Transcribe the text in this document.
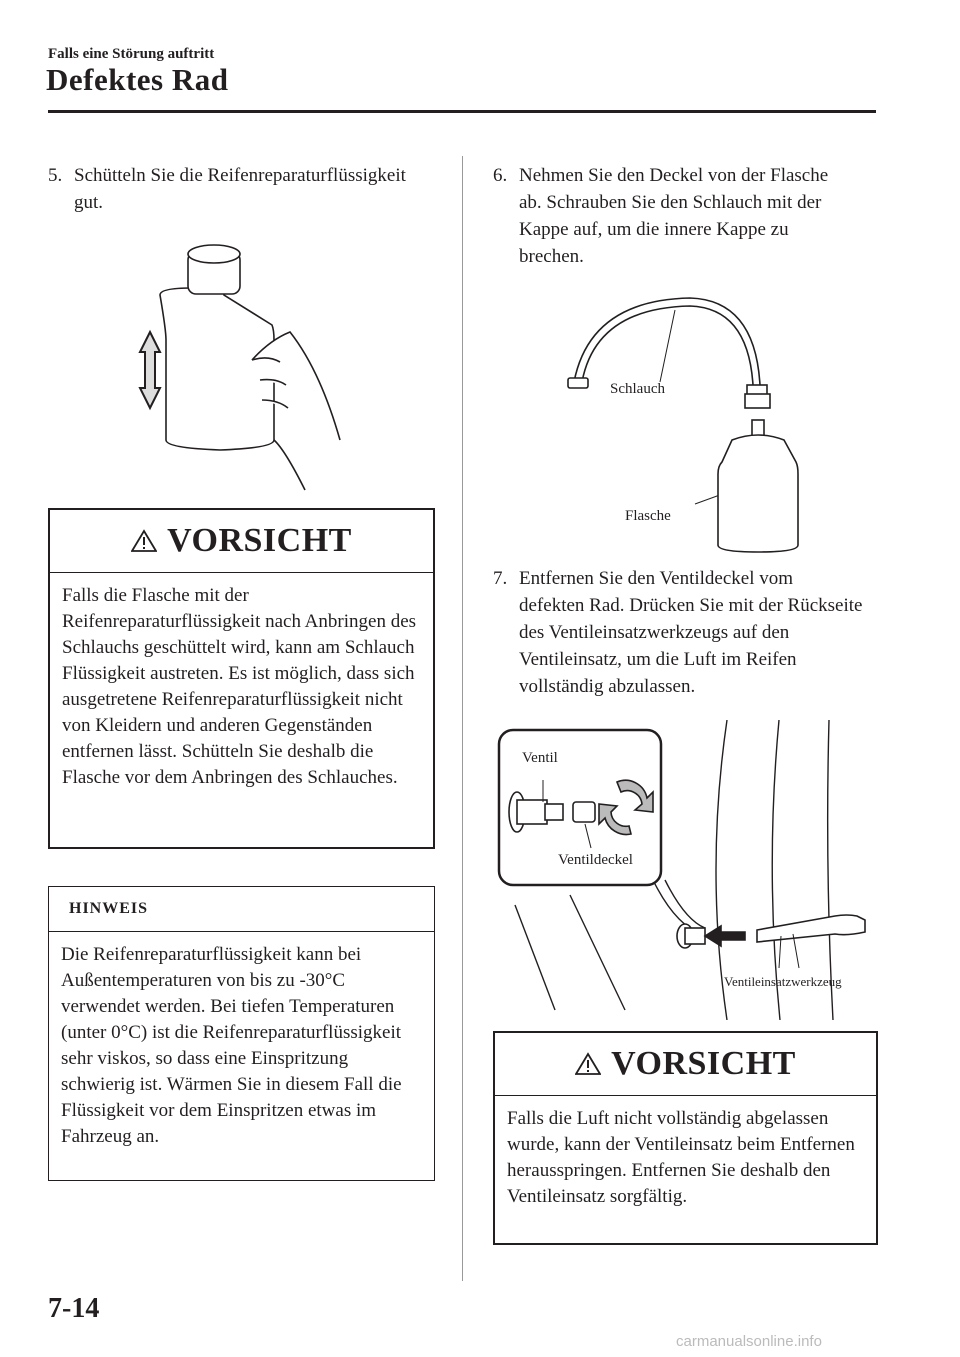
Falls eine Störung auftritt
Defektes Rad
5. Schütteln Sie die Reifenreparaturflüssigkeit gut.
VORSICHT
Falls die Flasche mit der Reifenreparaturflüssigkeit nach Anbringen des Schlauchs geschüttelt wird, kann am Schlauch Flüssigkeit austreten. Es ist möglich, dass sich ausgetretene Reifenreparaturflüssigkeit nicht von Kleidern und anderen Gegenständen entfernen lässt. Schütteln Sie deshalb die Flasche vor dem Anbringen des Schlauches.
HINWEIS
Die Reifenreparaturflüssigkeit kann bei Außentemperaturen von bis zu -30°C verwendet werden. Bei tiefen Temperaturen (unter 0°C) ist die Reifenreparaturflüssigkeit sehr viskos, so dass eine Einspritzung schwierig ist. Wärmen Sie in diesem Fall die Flüssigkeit vor dem Einspritzen etwas im Fahrzeug an.
6. Nehmen Sie den Deckel von der Flasche ab. Schrauben Sie den Schlauch mit der Kappe auf, um die innere Kappe zu brechen.
Schlauch
Flasche
7. Entfernen Sie den Ventildeckel vom defekten Rad. Drücken Sie mit der Rückseite des Ventileinsatzwerkzeugs auf den Ventileinsatz, um die Luft im Reifen vollständig abzulassen.
Ventil
Ventildeckel
Ventileinsatzwerkzeug
VORSICHT
Falls die Luft nicht vollständig abgelassen wurde, kann der Ventileinsatz beim Entfernen herausspringen. Entfernen Sie deshalb den Ventileinsatz sorgfältig.
7-14
carmanualsonline.info
